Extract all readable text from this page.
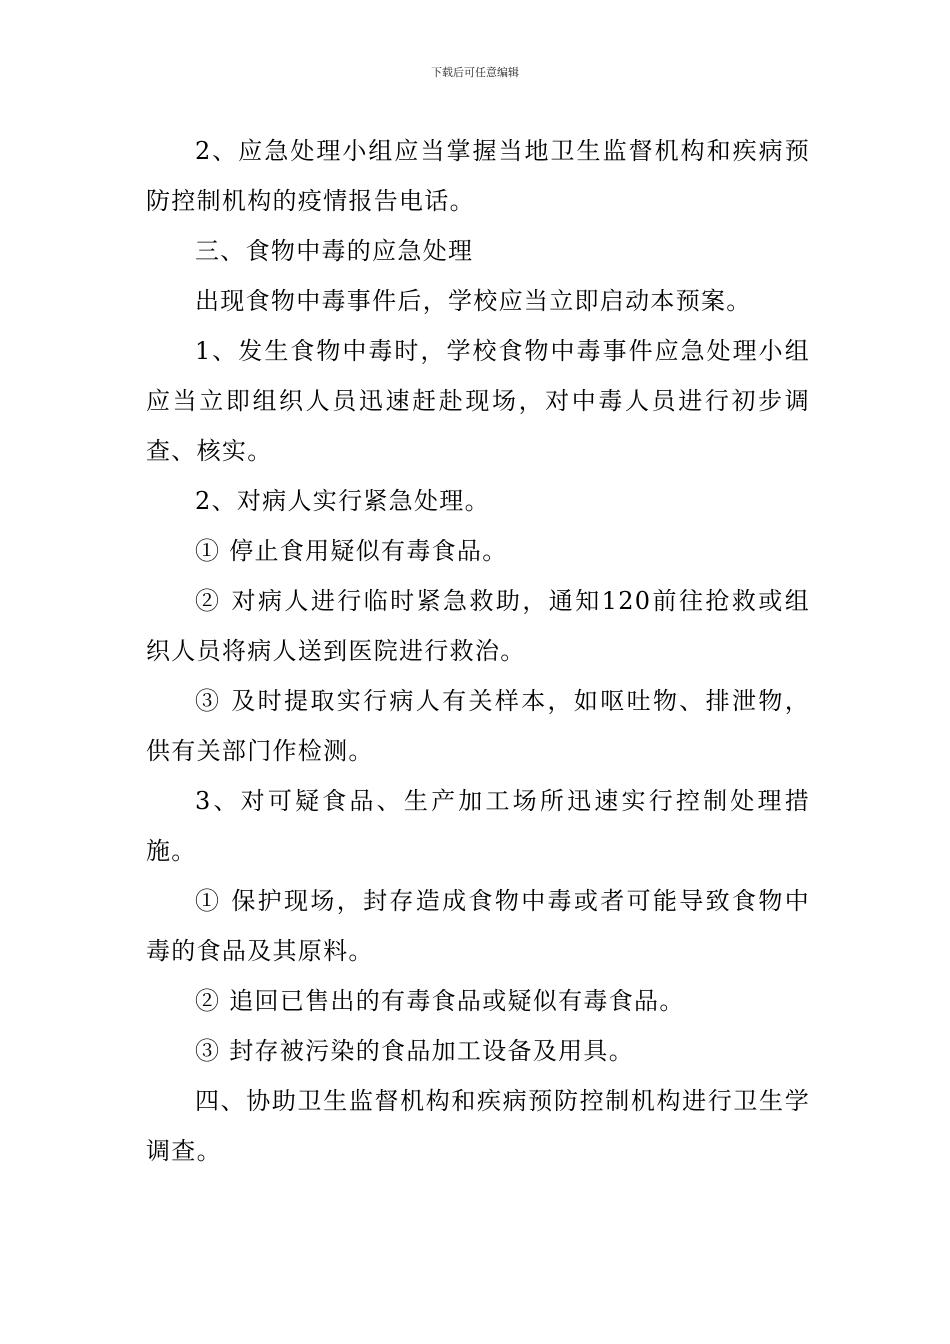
下载后可任意编辑

2、应急处理小组应当掌握当地卫生监督机构和疾病预防控制机构的疫情报告电话。

三、食物中毒的应急处理

出现食物中毒事件后，学校应当立即启动本预案。

1、发生食物中毒时，学校食物中毒事件应急处理小组应当立即组织人员迅速赶赴现场，对中毒人员进行初步调查、核实。

2、对病人实行紧急处理。

① 停止食用疑似有毒食品。

② 对病人进行临时紧急救助，通知120前往抢救或组织人员将病人送到医院进行救治。

③ 及时提取实行病人有关样本，如呕吐物、排泄物，供有关部门作检测。

3、对可疑食品、生产加工场所迅速实行控制处理措施。

① 保护现场，封存造成食物中毒或者可能导致食物中毒的食品及其原料。

② 追回已售出的有毒食品或疑似有毒食品。

③ 封存被污染的食品加工设备及用具。

四、协助卫生监督机构和疾病预防控制机构进行卫生学调查。
